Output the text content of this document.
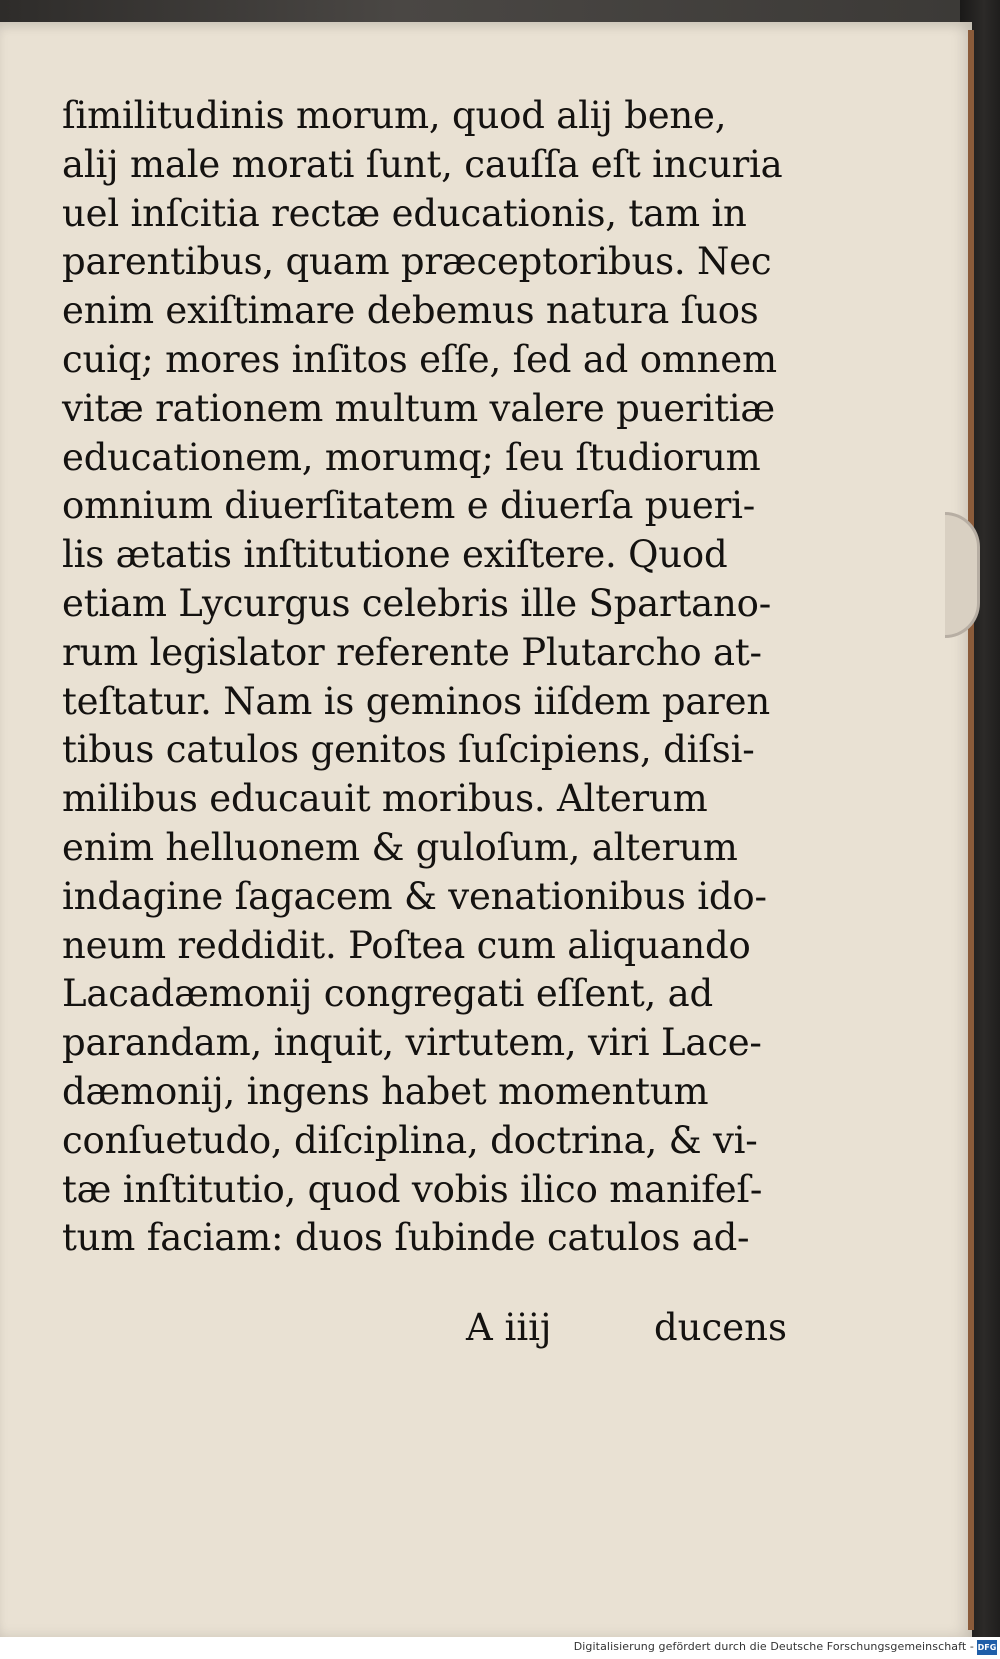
ſimilitudinis morum, quod alij bene,
alij male morati ſunt, cauſſa eſt incuria
uel inſcitia rectæ educationis, tam in
parentibus, quam præceptoribus. Nec
enim exiſtimare debemus natura ſuos
cuiq; mores inſitos eſſe, ſed ad omnem
vitæ rationem multum valere pueritiæ
educationem, morumq; ſeu ſtudiorum
omnium diuerſitatem e diuerſa pueri-
lis ætatis inſtitutione exiſtere. Quod
etiam Lycurgus celebris ille Spartano-
rum legislator referente Plutarcho at-
teſtatur. Nam is geminos iiſdem paren
tibus catulos genitos ſuſcipiens, diſsi-
milibus educauit moribus. Alterum
enim helluonem & guloſum, alterum
indagine ſagacem & venationibus ido-
neum reddidit. Poſtea cum aliquando
Lacadæmonij congregati eſſent, ad
parandam, inquit, virtutem, viri Lace-
dæmonij, ingens habet momentum
conſuetudo, diſciplina, doctrina, & vi-
tæ inſtitutio, quod vobis ilico manifeſ-
tum faciam: duos ſubinde catulos ad-
A iiij	ducens
Digitalisierung gefördert durch die Deutsche Forschungsgemeinschaft - DFG
